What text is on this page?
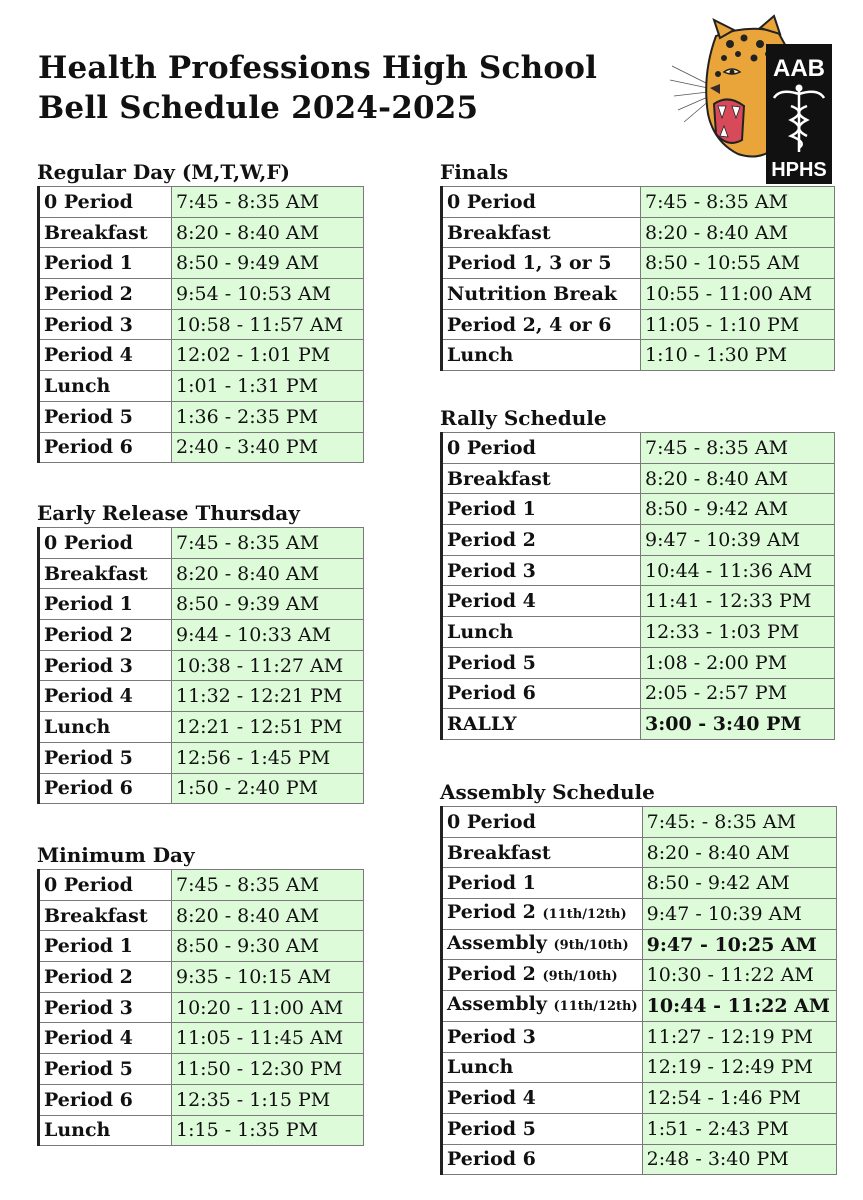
Health Professions High School
Bell Schedule 2024-2025
AAB
HPHS
Regular Day (M,T,W,F)
0 Period	7:45 - 8:35 AM
Breakfast	8:20 - 8:40 AM
Period 1	8:50 - 9:49 AM
Period 2	9:54 - 10:53 AM
Period 3	10:58 - 11:57 AM
Period 4	12:02 - 1:01 PM
Lunch	1:01 - 1:31 PM
Period 5	1:36 - 2:35 PM
Period 6	2:40 - 3:40 PM
Early Release Thursday
0 Period	7:45 - 8:35 AM
Breakfast	8:20 - 8:40 AM
Period 1	8:50 - 9:39 AM
Period 2	9:44 - 10:33 AM
Period 3	10:38 - 11:27 AM
Period 4	11:32 - 12:21 PM
Lunch	12:21 - 12:51 PM
Period 5	12:56 - 1:45 PM
Period 6	1:50 - 2:40 PM
Minimum Day
0 Period	7:45 - 8:35 AM
Breakfast	8:20 - 8:40 AM
Period 1	8:50 - 9:30 AM
Period 2	9:35 - 10:15 AM
Period 3	10:20 - 11:00 AM
Period 4	11:05 - 11:45 AM
Period 5	11:50 - 12:30 PM
Period 6	12:35 - 1:15 PM
Lunch	1:15 - 1:35 PM
Finals
0 Period	7:45 - 8:35 AM
Breakfast	8:20 - 8:40 AM
Period 1, 3 or 5	8:50 - 10:55 AM
Nutrition Break	10:55 - 11:00 AM
Period 2, 4 or 6	11:05 - 1:10 PM
Lunch	1:10 - 1:30 PM
Rally Schedule
0 Period	7:45 - 8:35 AM
Breakfast	8:20 - 8:40 AM
Period 1	8:50 - 9:42 AM
Period 2	9:47 - 10:39 AM
Period 3	10:44 - 11:36 AM
Period 4	11:41 - 12:33 PM
Lunch	12:33 - 1:03 PM
Period 5	1:08 - 2:00 PM
Period 6	2:05 - 2:57 PM
RALLY	3:00 - 3:40 PM
Assembly Schedule
0 Period	7:45: - 8:35 AM
Breakfast	8:20 - 8:40 AM
Period 1	8:50 - 9:42 AM
Period 2 (11th/12th)	9:47 - 10:39 AM
Assembly (9th/10th)	9:47 - 10:25 AM
Period 2 (9th/10th)	10:30 - 11:22 AM
Assembly (11th/12th)	10:44 - 11:22 AM
Period 3	11:27 - 12:19 PM
Lunch	12:19 - 12:49 PM
Period 4	12:54 - 1:46 PM
Period 5	1:51 - 2:43 PM
Period 6	2:48 - 3:40 PM
